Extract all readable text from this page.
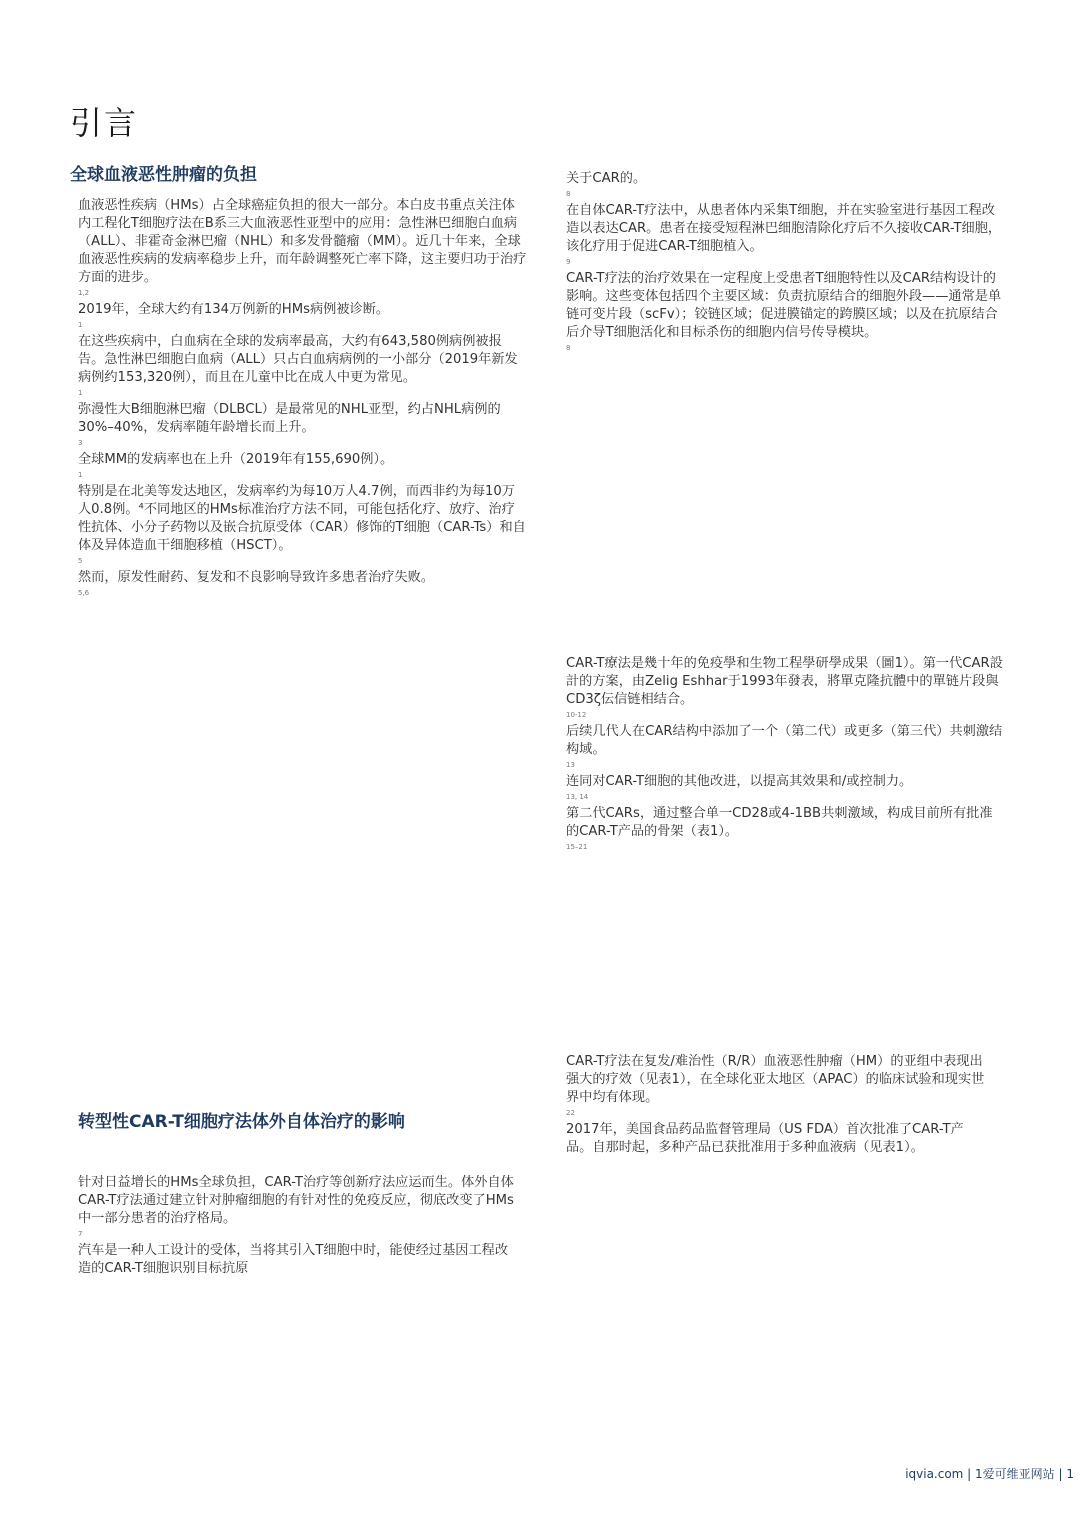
引言
全球血液恶性肿瘤的负担

血液恶性疾病（HMs）占全球癌症负担的很大一部分。本白皮书重点关注体内工程化T细胞疗法在B系三大血液恶性亚型中的应用：急性淋巴细胞白血病（ALL）、非霍奇金淋巴瘤（NHL）和多发骨髓瘤（MM）。近几十年来，全球血液恶性疾病的发病率稳步上升，而年龄调整死亡率下降，这主要归功于治疗方面的进步。

1,2

2019年，全球大约有134万例新的HMs病例被诊断。

1

在这些疾病中，白血病在全球的发病率最高，大约有643,580例病例被报告。急性淋巴细胞白血病（ALL）只占白血病病例的一小部分（2019年新发病例约153,320例），而且在儿童中比在成人中更为常见。

1

弥漫性大B细胞淋巴瘤（DLBCL）是最常见的NHL亚型，约占NHL病例的30%–40%，发病率随年龄增长而上升。

3

全球MM的发病率也在上升（2019年有155,690例）。

1

特别是在北美等发达地区，发病率约为每10万人4.7例，而西非约为每10万人0.8例。⁴不同地区的HMs标准治疗方法不同，可能包括化疗、放疗、治疗性抗体、小分子药物以及嵌合抗原受体（CAR）修饰的T细胞（CAR-Ts）和自体及异体造血干细胞移植（HSCT）。

5

然而，原发性耐药、复发和不良影响导致许多患者治疗失败。

5,6

关于CAR的。

8

在自体CAR-T疗法中，从患者体内采集T细胞，并在实验室进行基因工程改造以表达CAR。患者在接受短程淋巴细胞清除化疗后不久接收CAR-T细胞，该化疗用于促进CAR-T细胞植入。

9

CAR-T疗法的治疗效果在一定程度上受患者T细胞特性以及CAR结构设计的影响。这些变体包括四个主要区域：负责抗原结合的细胞外段——通常是单链可变片段（scFv）；铰链区域；促进膜锚定的跨膜区域；以及在抗原结合后介导T细胞活化和目标杀伤的细胞内信号传导模块。

8

CAR-T療法是幾十年的免疫學和生物工程學研學成果（圖1）。第一代CAR設計的方案，由Zelig Eshhar于1993年發表，將單克隆抗體中的單链片段與CD3ζ伝信链相结合。

10-12

后续几代人在CAR结构中添加了一个（第二代）或更多（第三代）共刺激结构域。

13

连同对CAR-T细胞的其他改进，以提高其效果和/或控制力。

13, 14

第二代CARs，通过整合单一CD28或4-1BB共刺激域，构成目前所有批准的CAR-T产品的骨架（表1）。

15–21

CAR-T疗法在复发/难治性（R/R）血液恶性肿瘤（HM）的亚组中表现出强大的疗效（见表1），在全球化亚太地区（APAC）的临床试验和现实世界中均有体现。

22

2017年，美国食品药品监督管理局（US FDA）首次批准了CAR-T产品。自那时起，多种产品已获批准用于多种血液病（见表1）。

转型性CAR-T细胞疗法体外自体治疗的影响

针对日益增长的HMs全球负担，CAR-T治疗等创新疗法应运而生。体外自体CAR-T疗法通过建立针对肿瘤细胞的有针对性的免疫反应，彻底改变了HMs中一部分患者的治疗格局。

7

汽车是一种人工设计的受体，当将其引入T细胞中时，能使经过基因工程改造的CAR-T细胞识别目标抗原

iqvia.com | 1爱可维亚网站 | 1
